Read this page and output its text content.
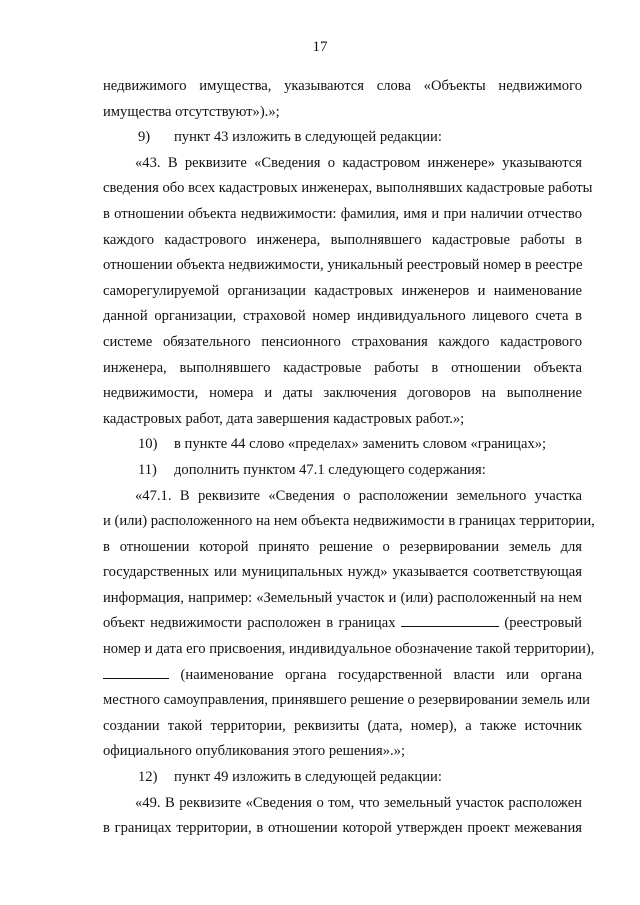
17
недвижимого имущества, указываются слова «Объекты недвижимого
имущества отсутствуют»).»;
9) пункт 43 изложить в следующей редакции:
«43. В реквизите «Сведения о кадастровом инженере» указываются
сведения обо всех кадастровых инженерах, выполнявших кадастровые работы
в отношении объекта недвижимости: фамилия, имя и при наличии отчество
каждого кадастрового инженера, выполнявшего кадастровые работы в
отношении объекта недвижимости, уникальный реестровый номер в реестре
саморегулируемой организации кадастровых инженеров и наименование
данной организации, страховой номер индивидуального лицевого счета в
системе обязательного пенсионного страхования каждого кадастрового
инженера, выполнявшего кадастровые работы в отношении объекта
недвижимости, номера и даты заключения договоров на выполнение
кадастровых работ, дата завершения кадастровых работ.»;
10) в пункте 44 слово «пределах» заменить словом «границах»;
11) дополнить пунктом 47.1 следующего содержания:
«47.1. В реквизите «Сведения о расположении земельного участка
и (или) расположенного на нем объекта недвижимости в границах территории,
в отношении которой принято решение о резервировании земель для
государственных или муниципальных нужд» указывается соответствующая
информация, например: «Земельный участок и (или) расположенный на нем
объект недвижимости расположен в границах	(реестровый
номер и дата его присвоения, индивидуальное обозначение такой территории),
(наименование органа государственной власти или органа
местного самоуправления, принявшего решение о резервировании земель или
создании такой территории, реквизиты (дата, номер), а также источник
официального опубликования этого решения».»;
12) пункт 49 изложить в следующей редакции:
«49. В реквизите «Сведения о том, что земельный участок расположен
в границах территории, в отношении которой утвержден проект межевания
